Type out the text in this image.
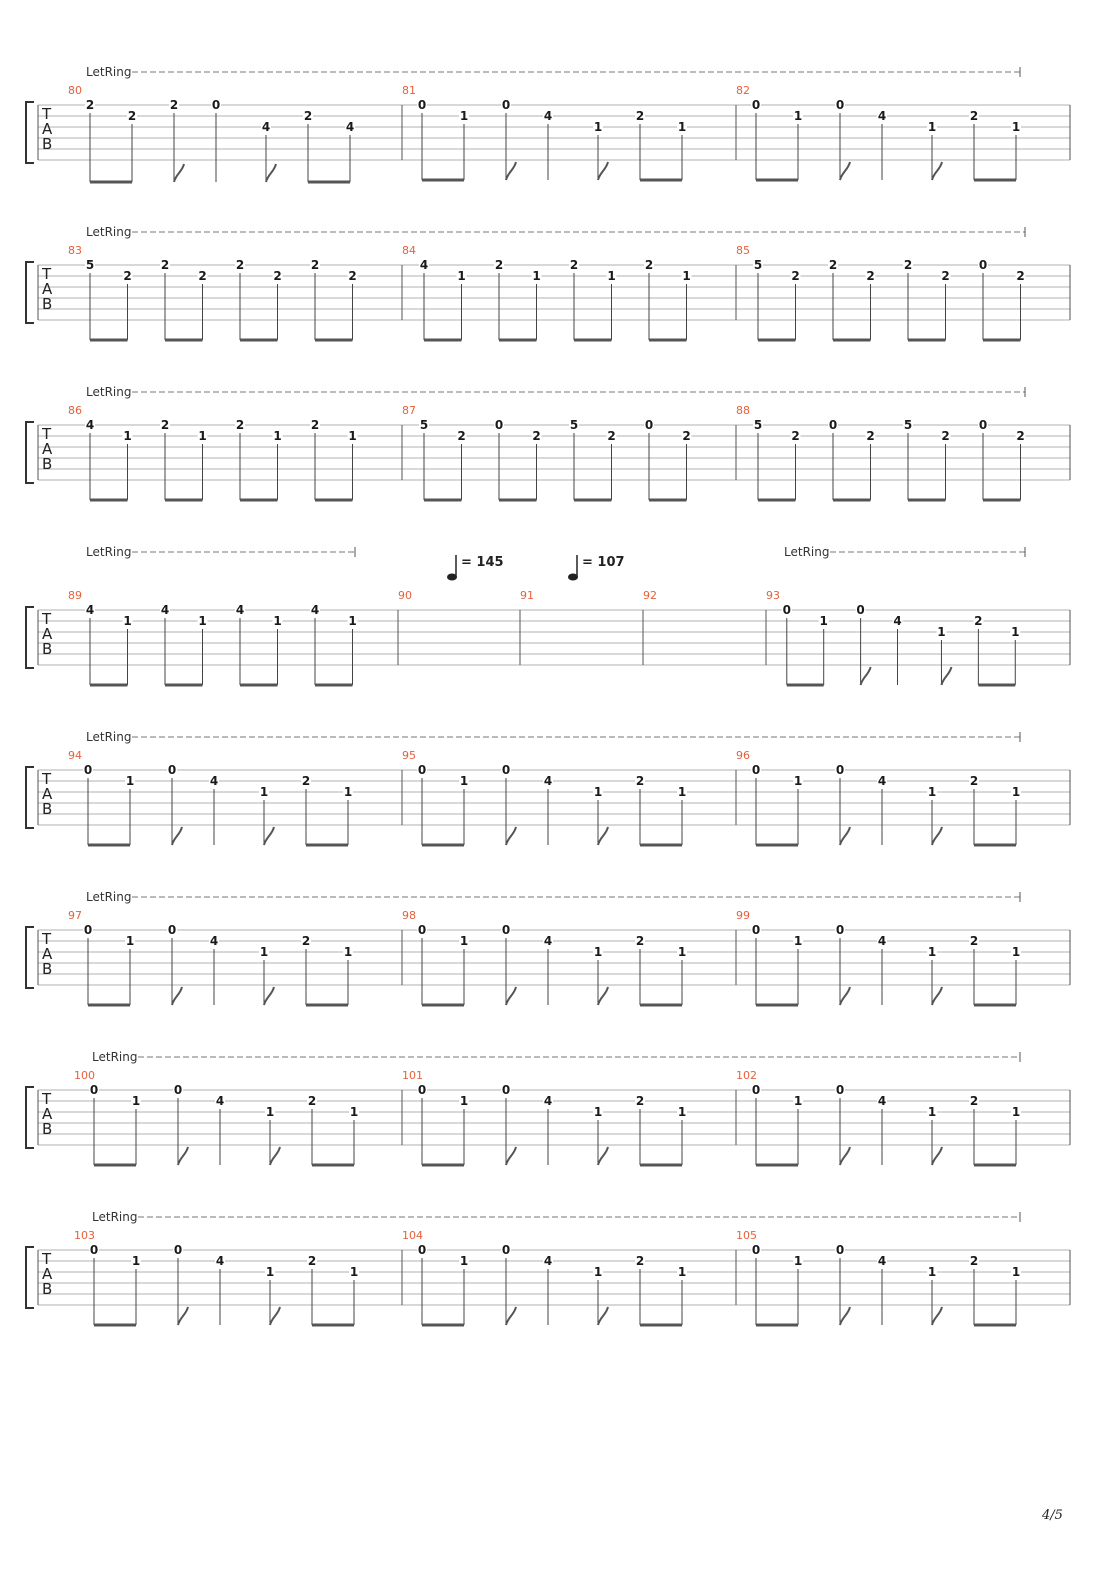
LetRing
T
A
B
80	81	82
2
2
2	0
4
2
4
0
1
0
4
1
2
1
0
1
0
4
1
2
1
LetRing
T
A
B
83	84	85
5
2
2
2
2
2
2
2
4
1
2
1
2
1
2
1
5
2
2
2
2
2
0
2
LetRing
T
A
B
86	87	88
4
1
2
1
2
1
2
1
5
2
0
2
5
2
0
2
5
2
0
2
5
2
0
2
LetRing	LetRing
= 145	= 107
T
A
B
89	90	91	92	93
4
1
4
1
4
1
4
1
0
1
0
4
1
2
1
LetRing
T
A
B
94	95	96
0
1
0
4
1
2
1
0
1
0
4
1
2
1
0
1
0
4
1
2
1
LetRing
T
A
B
97	98	99
0
1
0
4
1
2
1
0
1
0
4
1
2
1
0
1
0
4
1
2
1
LetRing
T
A
B
100	101	102
0
1
0
4
1
2
1
0
1
0
4
1
2
1
0
1
0
4
1
2
1
LetRing
T
A
B
103	104	105
0
1
0
4
1
2
1
0
1
0
4
1
2
1
0
1
0
4
1
2
1
4/5
